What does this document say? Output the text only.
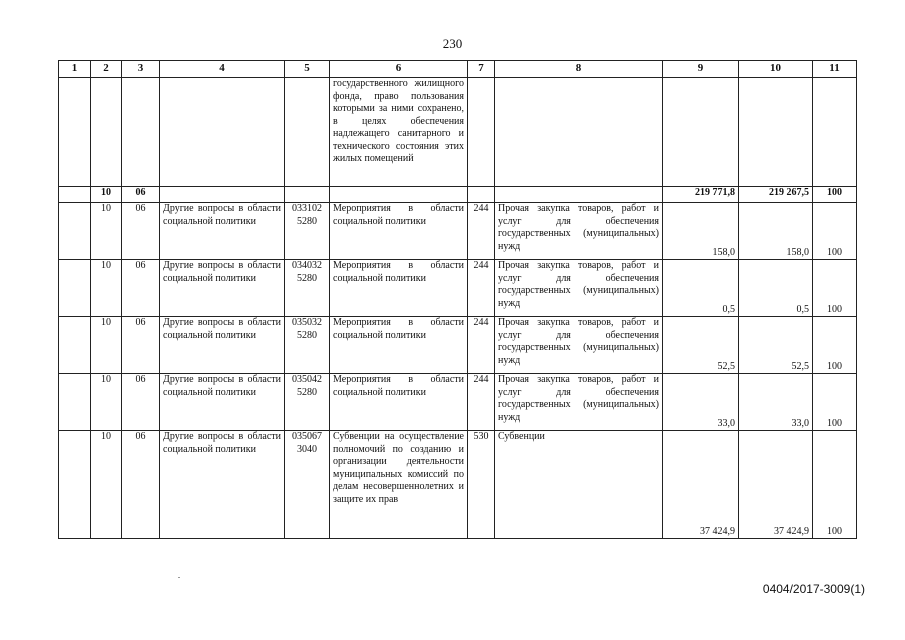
230
1	2	3	4	5	6	7	8	9	10	11
					государственного жилищного фонда, право пользования которыми за ними сохранено, в целях обеспечения надлежащего санитарного и технического состояния этих жилых помещений					
	10	06						219 771,8	219 267,5	100
	10	06	Другие вопросы в области социальной политики	033102 5280	Мероприятия в области социальной политики	244	Прочая закупка товаров, работ и услуг для обеспечения государственных (муниципальных) нужд	158,0	158,0	100
	10	06	Другие вопросы в области социальной политики	034032 5280	Мероприятия в области социальной политики	244	Прочая закупка товаров, работ и услуг для обеспечения государственных (муниципальных) нужд	0,5	0,5	100
	10	06	Другие вопросы в области социальной политики	035032 5280	Мероприятия в области социальной политики	244	Прочая закупка товаров, работ и услуг для обеспечения государственных (муниципальных) нужд	52,5	52,5	100
	10	06	Другие вопросы в области социальной политики	035042 5280	Мероприятия в области социальной политики	244	Прочая закупка товаров, работ и услуг для обеспечения государственных (муниципальных) нужд	33,0	33,0	100
	10	06	Другие вопросы в области социальной политики	035067 3040	Субвенции на осуществление полномочий по созданию и организации деятельности муниципальных комиссий по делам несовершеннолетних и защите их прав	530	Субвенции	37 424,9	37 424,9	100
0404/2017-3009(1)
